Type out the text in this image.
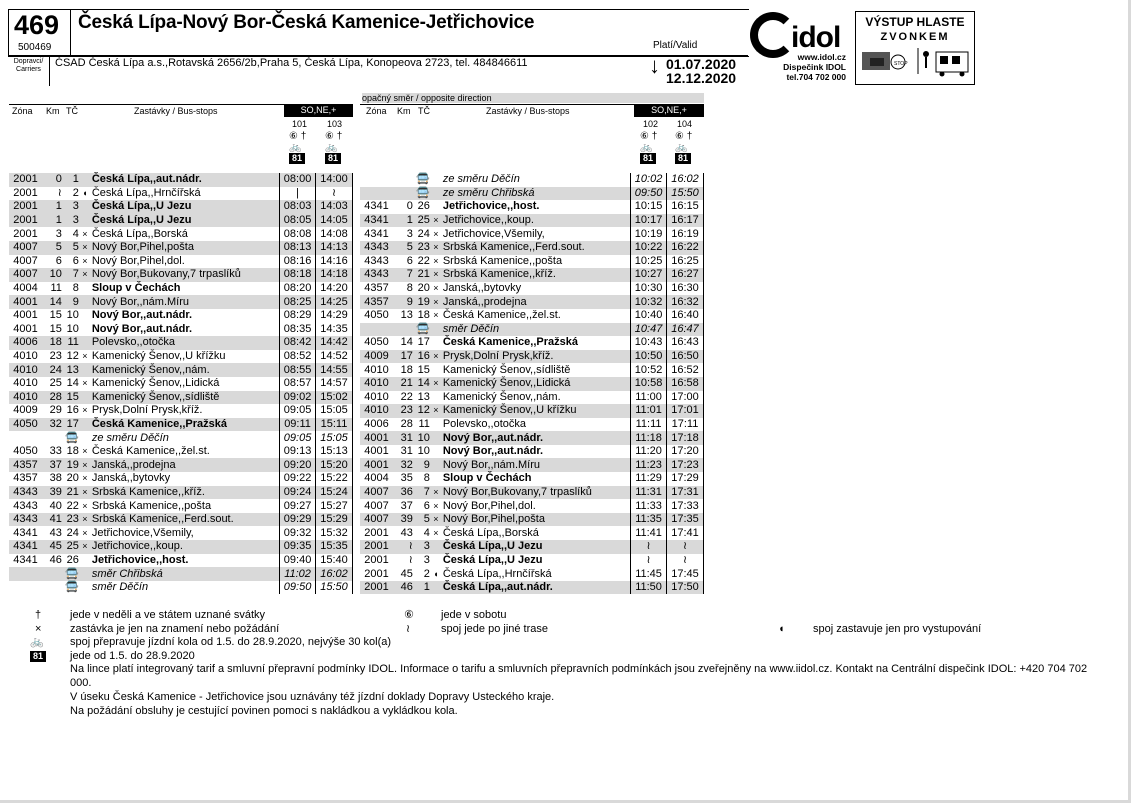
469
500469
Česká Lípa-Nový Bor-Česká Kamenice-Jetřichovice
Platí/Valid
Dopravci/ Carriers
ČSAD Česká Lípa a.s.,Rotavská 2656/2b,Praha 5, Česká Lípa, Konopeova 2723, tel. 484846611	↓ 01.07.2020
12.12.2020
idol
www.idol.cz
Dispečink IDOL
tel.704 702 000
VÝSTUP HLASTE
ZVONKEM
STOP
Zóna Km TČ	Zastávky / Bus-stops	SO,NE,+
101 103
⑥ †
🚲
81
⑥ †
🚲
81
opačný směr / opposite direction
Zóna Km TČ	Zastávky / Bus-stops	SO,NE,+
102 104
⑥ †
🚲
81
⑥ †
🚲
81
2001	0	1		Česká Lípa,,aut.nádr.		08:00	14:00
2001	≀	2	◖	Česká Lípa,,Hrnčířská		|	≀
2001	1	3		Česká Lípa,,U Jezu		08:03	14:03
2001	1	3		Česká Lípa,,U Jezu		08:05	14:05
2001	3	4	×	Česká Lípa,,Borská		08:08	14:08
4007	5	5	×	Nový Bor,Pihel,pošta		08:13	14:13
4007	6	6	×	Nový Bor,Pihel,dol.		08:16	14:16
4007	10	7	×	Nový Bor,Bukovany,7 trpaslíků		08:18	14:18
4004	11	8		Sloup v Čechách		08:20	14:20
4001	14	9		Nový Bor,,nám.Míru		08:25	14:25
4001	15	10		Nový Bor,,aut.nádr.		08:29	14:29
4001	15	10		Nový Bor,,aut.nádr.		08:35	14:35
4006	18	11		Polevsko,,otočka		08:42	14:42
4010	23	12	×	Kamenický Šenov,,U křížku		08:52	14:52
4010	24	13		Kamenický Šenov,,nám.		08:55	14:55
4010	25	14	×	Kamenický Šenov,,Lidická		08:57	14:57
4010	28	15		Kamenický Šenov,,sídliště		09:02	15:02
4009	29	16	×	Prysk,Dolní Prysk,kříž.		09:05	15:05
4050	32	17		Česká Kamenice,,Pražská		09:11	15:11
		🚍		ze směru Děčín		09:05	15:05
4050	33	18	×	Česká Kamenice,,žel.st.		09:13	15:13
4357	37	19	×	Janská,,prodejna		09:20	15:20
4357	38	20	×	Janská,,bytovky		09:22	15:22
4343	39	21	×	Srbská Kamenice,,kříž.		09:24	15:24
4343	40	22	×	Srbská Kamenice,,pošta		09:27	15:27
4343	41	23	×	Srbská Kamenice,,Ferd.sout.		09:29	15:29
4341	43	24	×	Jetřichovice,Všemily,		09:32	15:32
4341	45	25	×	Jetřichovice,,koup.		09:35	15:35
4341	46	26		Jetřichovice,,host.		09:40	15:40
		🚍		směr Chřibská		11:02	16:02
		🚍		směr Děčín		09:50	15:50
		🚍		ze směru Děčín		10:02	16:02
		🚍		ze směru Chřibská		09:50	15:50
4341	0	26		Jetřichovice,,host.		10:15	16:15
4341	1	25	×	Jetřichovice,,koup.		10:17	16:17
4341	3	24	×	Jetřichovice,Všemily,		10:19	16:19
4343	5	23	×	Srbská Kamenice,,Ferd.sout.		10:22	16:22
4343	6	22	×	Srbská Kamenice,,pošta		10:25	16:25
4343	7	21	×	Srbská Kamenice,,kříž.		10:27	16:27
4357	8	20	×	Janská,,bytovky		10:30	16:30
4357	9	19	×	Janská,,prodejna		10:32	16:32
4050	13	18	×	Česká Kamenice,,žel.st.		10:40	16:40
		🚍		směr Děčín		10:47	16:47
4050	14	17		Česká Kamenice,,Pražská		10:43	16:43
4009	17	16	×	Prysk,Dolní Prysk,kříž.		10:50	16:50
4010	18	15		Kamenický Šenov,,sídliště		10:52	16:52
4010	21	14	×	Kamenický Šenov,,Lidická		10:58	16:58
4010	22	13		Kamenický Šenov,,nám.		11:00	17:00
4010	23	12	×	Kamenický Šenov,,U křížku		11:01	17:01
4006	28	11		Polevsko,,otočka		11:11	17:11
4001	31	10		Nový Bor,,aut.nádr.		11:18	17:18
4001	31	10		Nový Bor,,aut.nádr.		11:20	17:20
4001	32	9		Nový Bor,,nám.Míru		11:23	17:23
4004	35	8		Sloup v Čechách		11:29	17:29
4007	36	7	×	Nový Bor,Bukovany,7 trpaslíků		11:31	17:31
4007	37	6	×	Nový Bor,Pihel,dol.		11:33	17:33
4007	39	5	×	Nový Bor,Pihel,pošta		11:35	17:35
2001	43	4	×	Česká Lípa,,Borská		11:41	17:41
2001	≀	3		Česká Lípa,,U Jezu		≀	≀
2001	≀	3		Česká Lípa,,U Jezu		≀	≀
2001	45	2	◖	Česká Lípa,,Hrnčířská		11:45	17:45
2001	46	1		Česká Lípa,,aut.nádr.		11:50	17:50
†	jede v neděli a ve státem uznané svátky
×	zastávka je jen na znamení nebo požádání
🚲 spoj přepravuje jízdní kola od 1.5. do 28.9.2020, nejvýše 30 kol(a)
81 jede od 1.5. do 28.9.2020
Na lince platí integrovaný tarif a smluvní přepravní podmínky IDOL. Informace o tarifu a smluvních přepravních podmínkách jsou zveřejněny na www.iidol.cz. Kontakt na Centrální dispečink IDOL: +420 704 702 000.
V úseku Česká Kamenice - Jetřichovice jsou uznávány též jízdní doklady Dopravy Usteckého kraje.
Na požádání obsluhy je cestující povinen pomoci s nakládkou a vykládkou kola.
⑥ jede v sobotu
≀	spoj jede po jiné trase	◖	spoj zastavuje jen pro vystupování
